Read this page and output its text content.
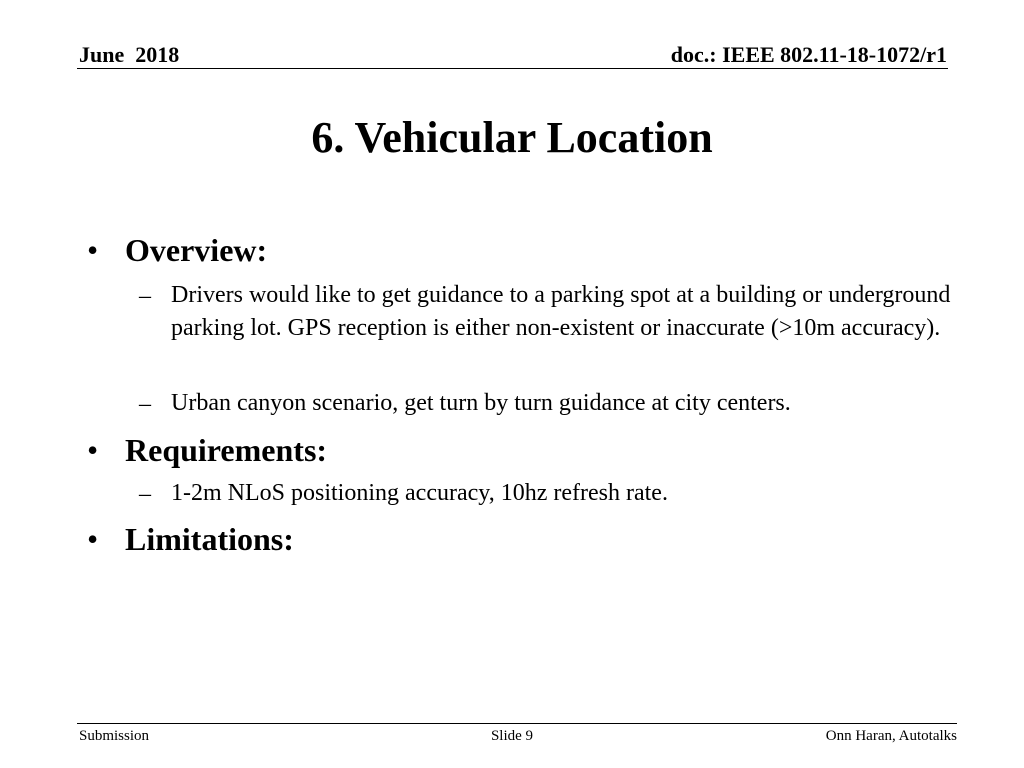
June  2018	doc.: IEEE 802.11-18-1072/r1
6. Vehicular Location
• Overview:
– Drivers would like to get guidance to a parking spot at a building or underground parking lot. GPS reception is either non-existent or inaccurate (>10m accuracy).
– Urban canyon scenario, get turn by turn guidance at city centers.
• Requirements:
– 1-2m NLoS positioning accuracy, 10hz refresh rate.
• Limitations:
Submission	Slide 9	Onn Haran, Autotalks
